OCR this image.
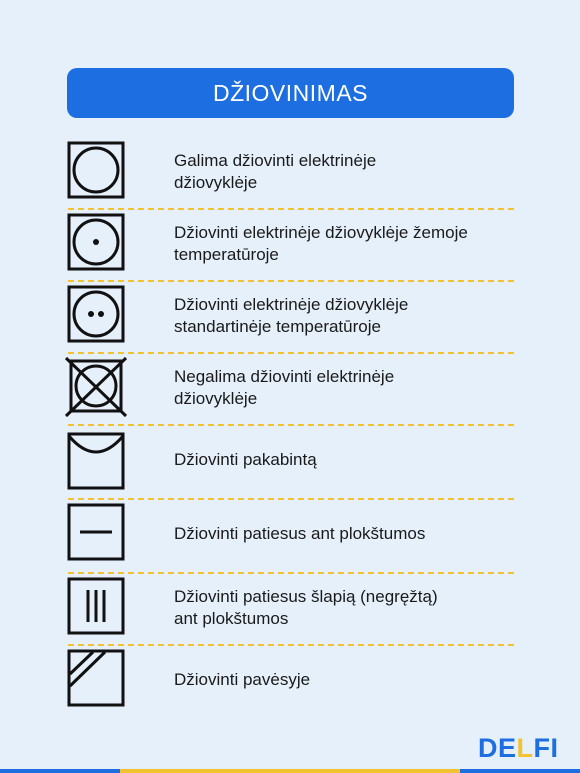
DŽIOVINIMAS
Galima džiovinti elektrinėje
džiovyklėje
Džiovinti elektrinėje džiovyklėje žemoje
temperatūroje
Džiovinti elektrinėje džiovyklėje
standartinėje temperatūroje
Negalima džiovinti elektrinėje
džiovyklėje
Džiovinti pakabintą
Džiovinti patiesus ant plokštumos
Džiovinti patiesus šlapią (negręžtą)
ant plokštumos
Džiovinti pavėsyje
DELFI
